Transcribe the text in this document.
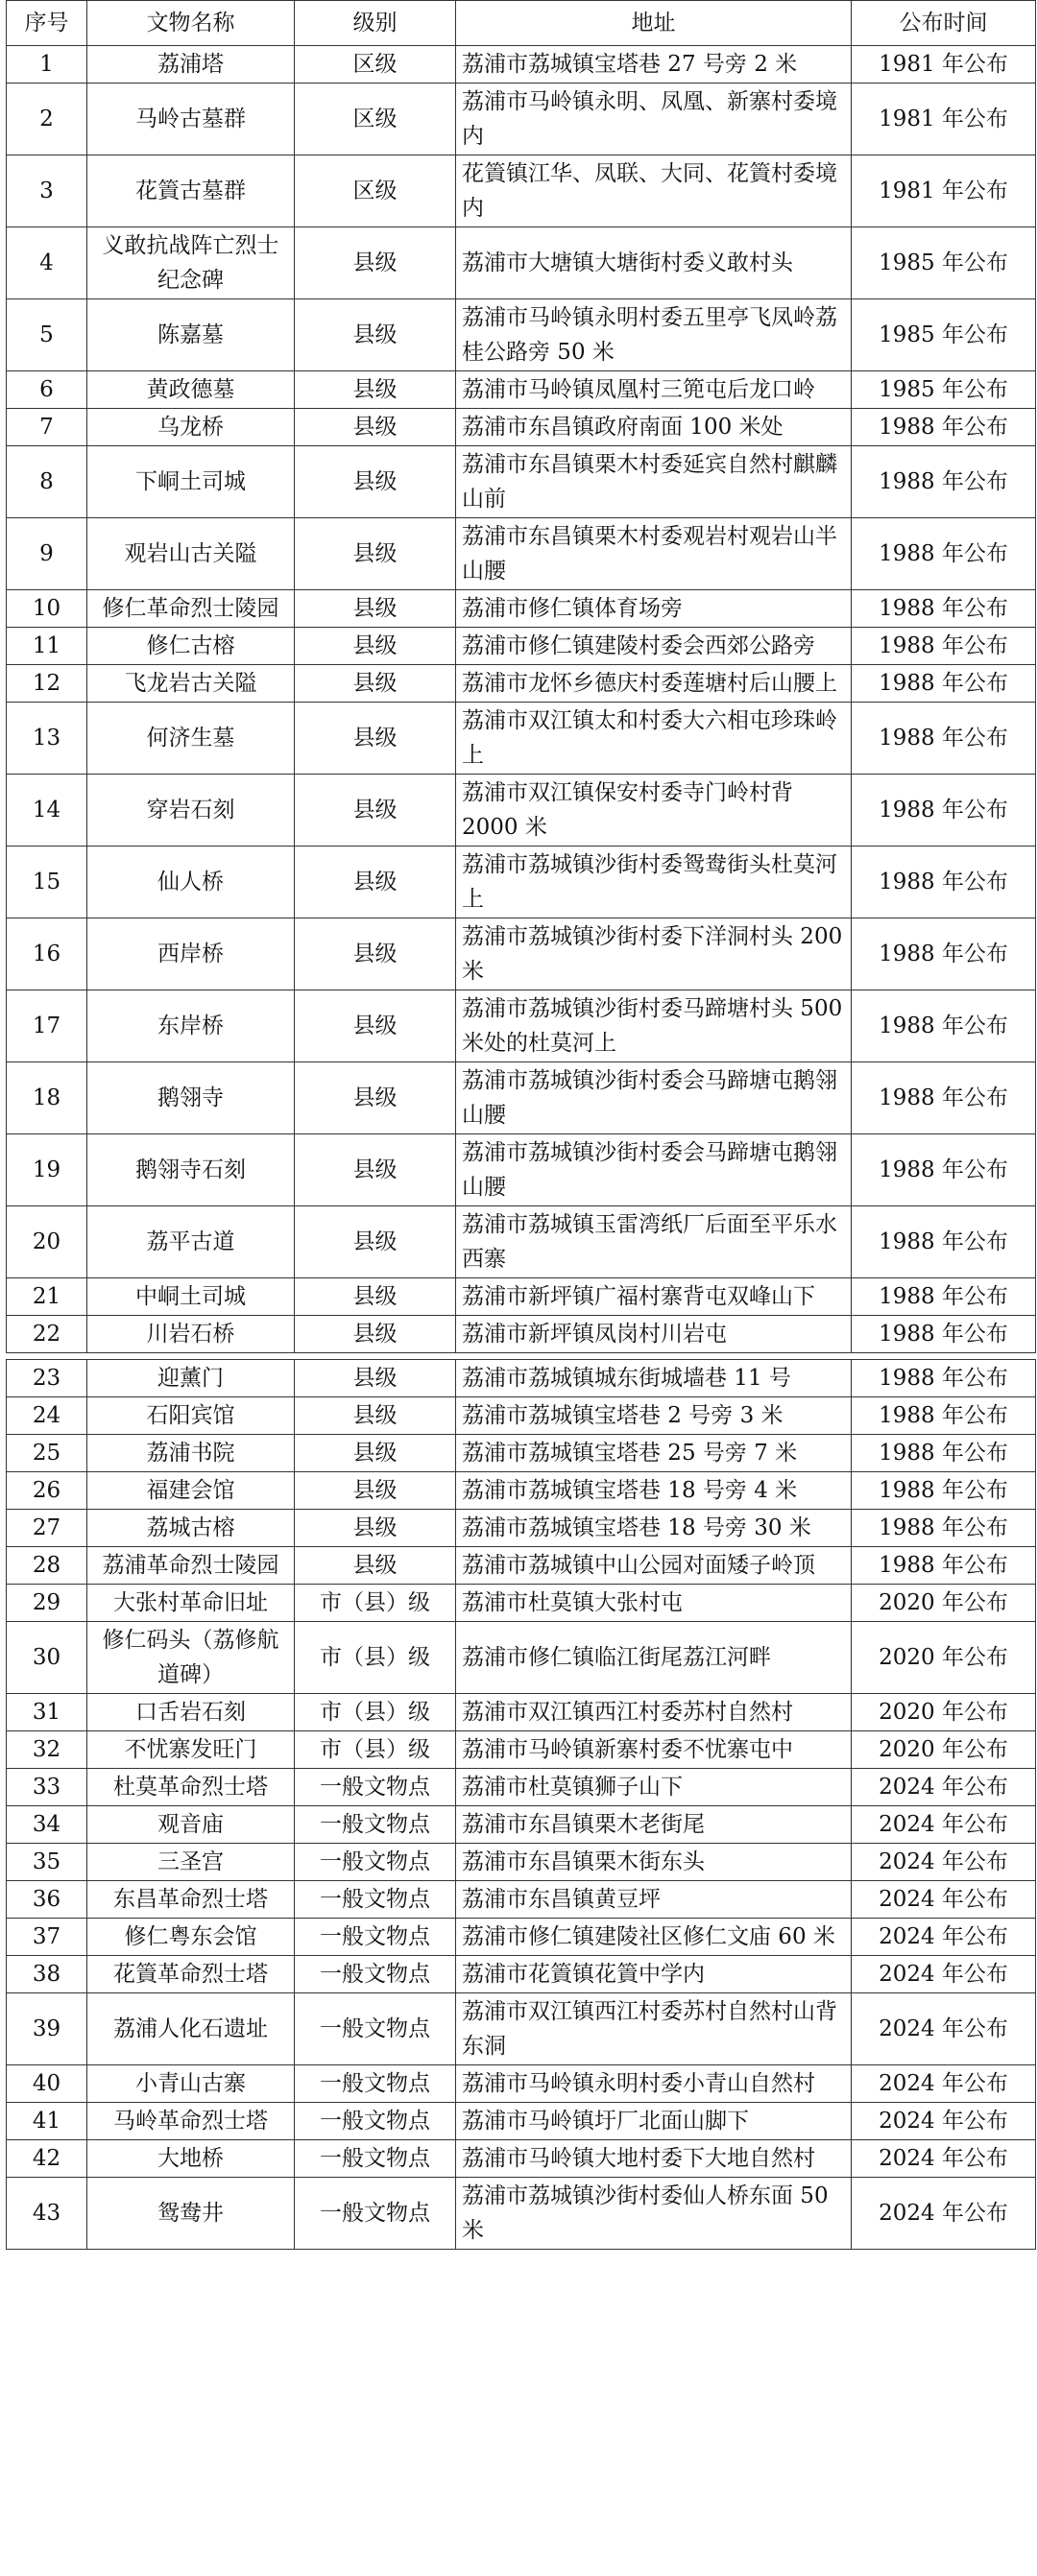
序号	文物名称	级别	地址	公布时间
1	荔浦塔	区级	荔浦市荔城镇宝塔巷 27 号旁 2 米	1981 年公布
2	马岭古墓群	区级	荔浦市马岭镇永明、凤凰、新寨村委境内	1981 年公布
3	花篢古墓群	区级	花篢镇江华、凤联、大同、花篢村委境内	1981 年公布
4	义敢抗战阵亡烈士纪念碑	县级	荔浦市大塘镇大塘街村委义敢村头	1985 年公布
5	陈嘉墓	县级	荔浦市马岭镇永明村委五里亭飞凤岭荔桂公路旁 50 米	1985 年公布
6	黄政德墓	县级	荔浦市马岭镇凤凰村三篼屯后龙口岭	1985 年公布
7	乌龙桥	县级	荔浦市东昌镇政府南面 100 米处	1988 年公布
8	下峒土司城	县级	荔浦市东昌镇栗木村委延宾自然村麒麟山前	1988 年公布
9	观岩山古关隘	县级	荔浦市东昌镇栗木村委观岩村观岩山半山腰	1988 年公布
10	修仁革命烈士陵园	县级	荔浦市修仁镇体育场旁	1988 年公布
11	修仁古榕	县级	荔浦市修仁镇建陵村委会西郊公路旁	1988 年公布
12	飞龙岩古关隘	县级	荔浦市龙怀乡德庆村委莲塘村后山腰上	1988 年公布
13	何济生墓	县级	荔浦市双江镇太和村委大六相屯珍珠岭上	1988 年公布
14	穿岩石刻	县级	荔浦市双江镇保安村委寺门岭村背 2000 米	1988 年公布
15	仙人桥	县级	荔浦市荔城镇沙街村委鸳鸯街头杜莫河上	1988 年公布
16	西岸桥	县级	荔浦市荔城镇沙街村委下洋洞村头 200 米	1988 年公布
17	东岸桥	县级	荔浦市荔城镇沙街村委马蹄塘村头 500 米处的杜莫河上	1988 年公布
18	鹅翎寺	县级	荔浦市荔城镇沙街村委会马蹄塘屯鹅翎山腰	1988 年公布
19	鹅翎寺石刻	县级	荔浦市荔城镇沙街村委会马蹄塘屯鹅翎山腰	1988 年公布
20	荔平古道	县级	荔浦市荔城镇玉雷湾纸厂后面至平乐水西寨	1988 年公布
21	中峒土司城	县级	荔浦市新坪镇广福村寨背屯双峰山下	1988 年公布
22	川岩石桥	县级	荔浦市新坪镇凤岗村川岩屯	1988 年公布

23	迎薰门	县级	荔浦市荔城镇城东街城墙巷 11 号	1988 年公布
24	石阳宾馆	县级	荔浦市荔城镇宝塔巷 2 号旁 3 米	1988 年公布
25	荔浦书院	县级	荔浦市荔城镇宝塔巷 25 号旁 7 米	1988 年公布
26	福建会馆	县级	荔浦市荔城镇宝塔巷 18 号旁 4 米	1988 年公布
27	荔城古榕	县级	荔浦市荔城镇宝塔巷 18 号旁 30 米	1988 年公布
28	荔浦革命烈士陵园	县级	荔浦市荔城镇中山公园对面矮子岭顶	1988 年公布
29	大张村革命旧址	市（县）级	荔浦市杜莫镇大张村屯	2020 年公布
30	修仁码头（荔修航道碑）	市（县）级	荔浦市修仁镇临江街尾荔江河畔	2020 年公布
31	口舌岩石刻	市（县）级	荔浦市双江镇西江村委苏村自然村	2020 年公布
32	不忧寨发旺门	市（县）级	荔浦市马岭镇新寨村委不忧寨屯中	2020 年公布
33	杜莫革命烈士塔	一般文物点	荔浦市杜莫镇狮子山下	2024 年公布
34	观音庙	一般文物点	荔浦市东昌镇栗木老街尾	2024 年公布
35	三圣宫	一般文物点	荔浦市东昌镇栗木街东头	2024 年公布
36	东昌革命烈士塔	一般文物点	荔浦市东昌镇黄豆坪	2024 年公布
37	修仁粤东会馆	一般文物点	荔浦市修仁镇建陵社区修仁文庙 60 米	2024 年公布
38	花篢革命烈士塔	一般文物点	荔浦市花篢镇花篢中学内	2024 年公布
39	荔浦人化石遗址	一般文物点	荔浦市双江镇西江村委苏村自然村山背东洞	2024 年公布
40	小青山古寨	一般文物点	荔浦市马岭镇永明村委小青山自然村	2024 年公布
41	马岭革命烈士塔	一般文物点	荔浦市马岭镇圩厂北面山脚下	2024 年公布
42	大地桥	一般文物点	荔浦市马岭镇大地村委下大地自然村	2024 年公布
43	鸳鸯井	一般文物点	荔浦市荔城镇沙街村委仙人桥东面 50 米	2024 年公布
